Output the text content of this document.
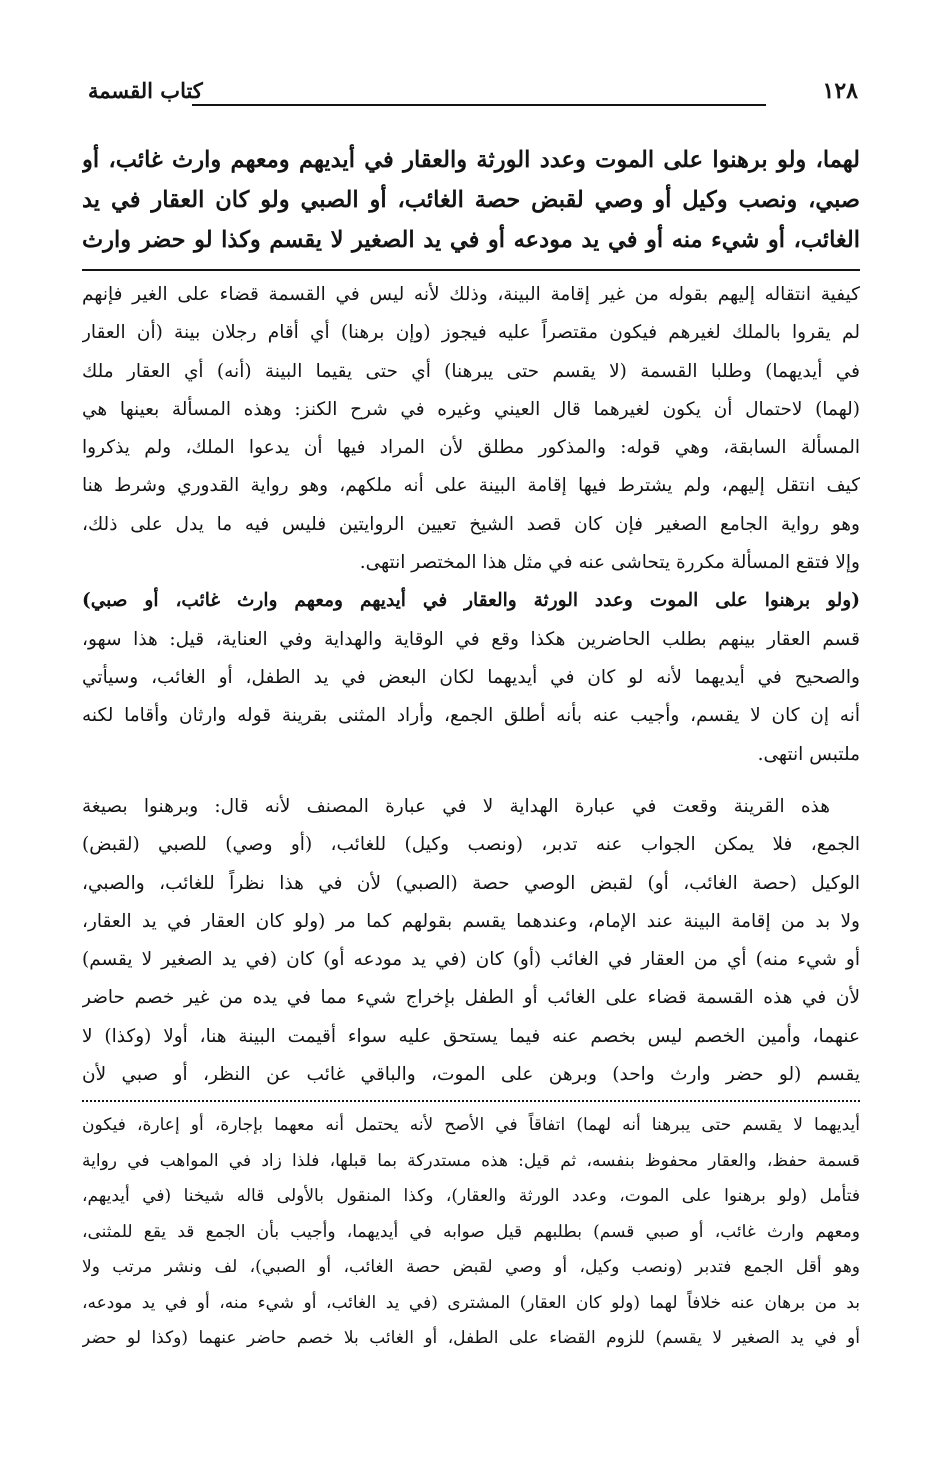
١٢٨
كتاب القسمة
لهما، ولو برهنوا على الموت وعدد الورثة والعقار في أيديهم ومعهم وارث غائب، أو
صبي، ونصب وكيل أو وصي لقبض حصة الغائب، أو الصبي ولو كان العقار في يد
الغائب، أو شيء منه أو في يد مودعه أو في يد الصغير لا يقسم وكذا لو حضر وارث
كيفية انتقاله إليهم بقوله من غير إقامة البينة، وذلك لأنه ليس في القسمة قضاء على الغير فإنهم
لم يقروا بالملك لغيرهم فيكون مقتصراً عليه فيجوز (وإن برهنا) أي أقام رجلان بينة (أن العقار
في أيديهما) وطلبا القسمة (لا يقسم حتى يبرهنا) أي حتى يقيما البينة (أنه) أي العقار ملك
(لهما) لاحتمال أن يكون لغيرهما قال العيني وغيره في شرح الكنز: وهذه المسألة بعينها هي
المسألة السابقة، وهي قوله: والمذكور مطلق لأن المراد فيها أن يدعوا الملك، ولم يذكروا
كيف انتقل إليهم، ولم يشترط فيها إقامة البينة على أنه ملكهم، وهو رواية القدوري وشرط هنا
وهو رواية الجامع الصغير فإن كان قصد الشيخ تعيين الروايتين فليس فيه ما يدل على ذلك،
وإلا فتقع المسألة مكررة يتحاشى عنه في مثل هذا المختصر انتهى.
(ولو برهنوا على الموت وعدد الورثة والعقار في أيديهم ومعهم وارث غائب، أو صبي)
قسم العقار بينهم بطلب الحاضرين هكذا وقع في الوقاية والهداية وفي العناية، قيل: هذا سهو،
والصحيح في أيديهما لأنه لو كان في أيديهما لكان البعض في يد الطفل، أو الغائب، وسيأتي
أنه إن كان لا يقسم، وأجيب عنه بأنه أطلق الجمع، وأراد المثنى بقرينة قوله وارثان وأقاما لكنه
ملتبس انتهى.
هذه القرينة وقعت في عبارة الهداية لا في عبارة المصنف لأنه قال: وبرهنوا بصيغة
الجمع، فلا يمكن الجواب عنه تدبر، (ونصب وكيل) للغائب، (أو وصي) للصبي (لقبض)
الوكيل (حصة الغائب، أو) لقبض الوصي حصة (الصبي) لأن في هذا نظراً للغائب، والصبي،
ولا بد من إقامة البينة عند الإمام، وعندهما يقسم بقولهم كما مر (ولو كان العقار في يد العقار،
أو شيء منه) أي من العقار في الغائب (أو) كان (في يد مودعه أو) كان (في يد الصغير لا يقسم)
لأن في هذه القسمة قضاء على الغائب أو الطفل بإخراج شيء مما في يده من غير خصم حاضر
عنهما، وأمين الخصم ليس بخصم عنه فيما يستحق عليه سواء أقيمت البينة هنا، أولا (وكذا) لا
يقسم (لو حضر وارث واحد) وبرهن على الموت، والباقي غائب عن النظر، أو صبي لأن
أيديهما لا يقسم حتى يبرهنا أنه لهما) اتفاقاً في الأصح لأنه يحتمل أنه معهما بإجارة، أو إعارة، فيكون
قسمة حفظ، والعقار محفوظ بنفسه، ثم قيل: هذه مستدركة بما قبلها، فلذا زاد في المواهب في رواية
فتأمل (ولو برهنوا على الموت، وعدد الورثة والعقار)، وكذا المنقول بالأولى قاله شيخنا (في أيديهم،
ومعهم وارث غائب، أو صبي قسم) بطلبهم قيل صوابه في أيديهما، وأجيب بأن الجمع قد يقع للمثنى،
وهو أقل الجمع فتدبر (ونصب وكيل، أو وصي لقبض حصة الغائب، أو الصبي)، لف ونشر مرتب ولا
بد من برهان عنه خلافاً لهما (ولو كان العقار) المشترى (في يد الغائب، أو شيء منه، أو في يد مودعه،
أو في يد الصغير لا يقسم) للزوم القضاء على الطفل، أو الغائب بلا خصم حاضر عنهما (وكذا لو حضر
